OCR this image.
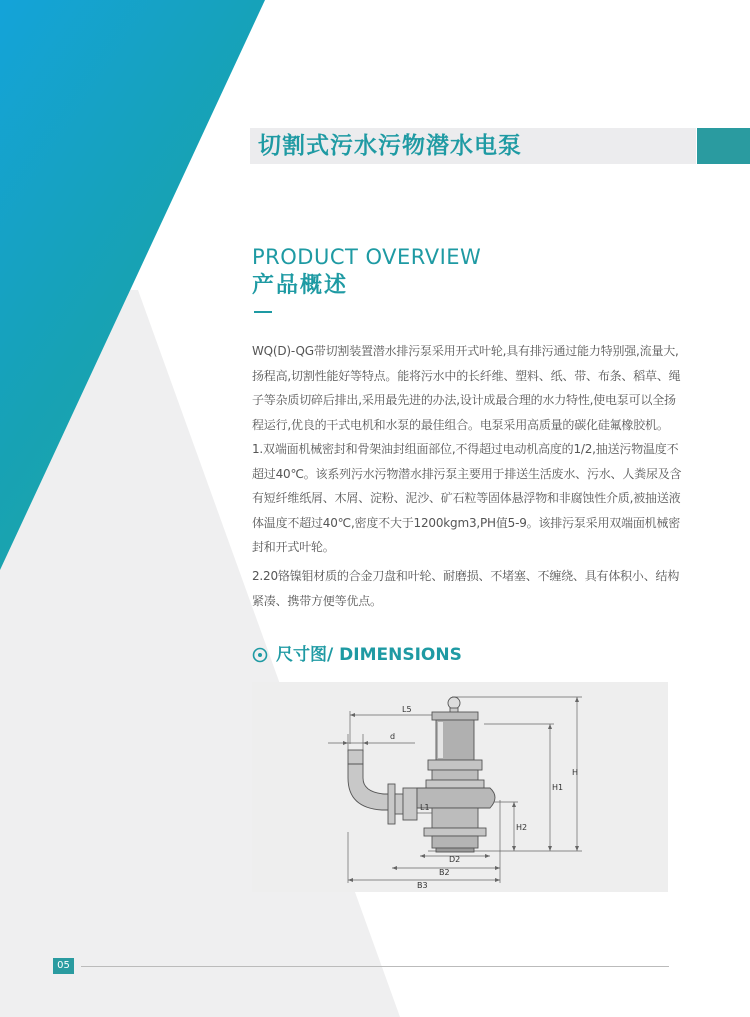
切割式污水污物潜水电泵
PRODUCT OVERVIEW
产品概述

WQ(D)-QG带切割装置潜水排污泵采用开式叶轮,具有排污通过能力特别强,流量大,扬程高,切割性能好等特点。能将污水中的长纤维、塑料、纸、带、布条、稻草、绳子等杂质切碎后排出,采用最先进的办法,设计成最合理的水力特性,使电泵可以全扬程运行,优良的干式电机和水泵的最佳组合。电泵采用高质量的碳化硅氟橡胶机。

1.双端面机械密封和骨架油封组面部位,不得超过电动机高度的1/2,抽送污物温度不超过40℃。该系列污水污物潜水排污泵主要用于排送生活废水、污水、人粪尿及含有短纤维纸屑、木屑、淀粉、泥沙、矿石粒等固体悬浮物和非腐蚀性介质,被抽送液体温度不超过40℃,密度不大于1200kgm3,PH值5-9。该排污泵采用双端面机械密封和开式叶轮。

2.20铬镍钼材质的合金刀盘和叶轮、耐磨损、不堵塞、不缠绕、具有体积小、结构紧凑、携带方便等优点。

尺寸图/ DIMENSIONS
L5
d
L1
H
H1
H2
D2
B2
B3
05
